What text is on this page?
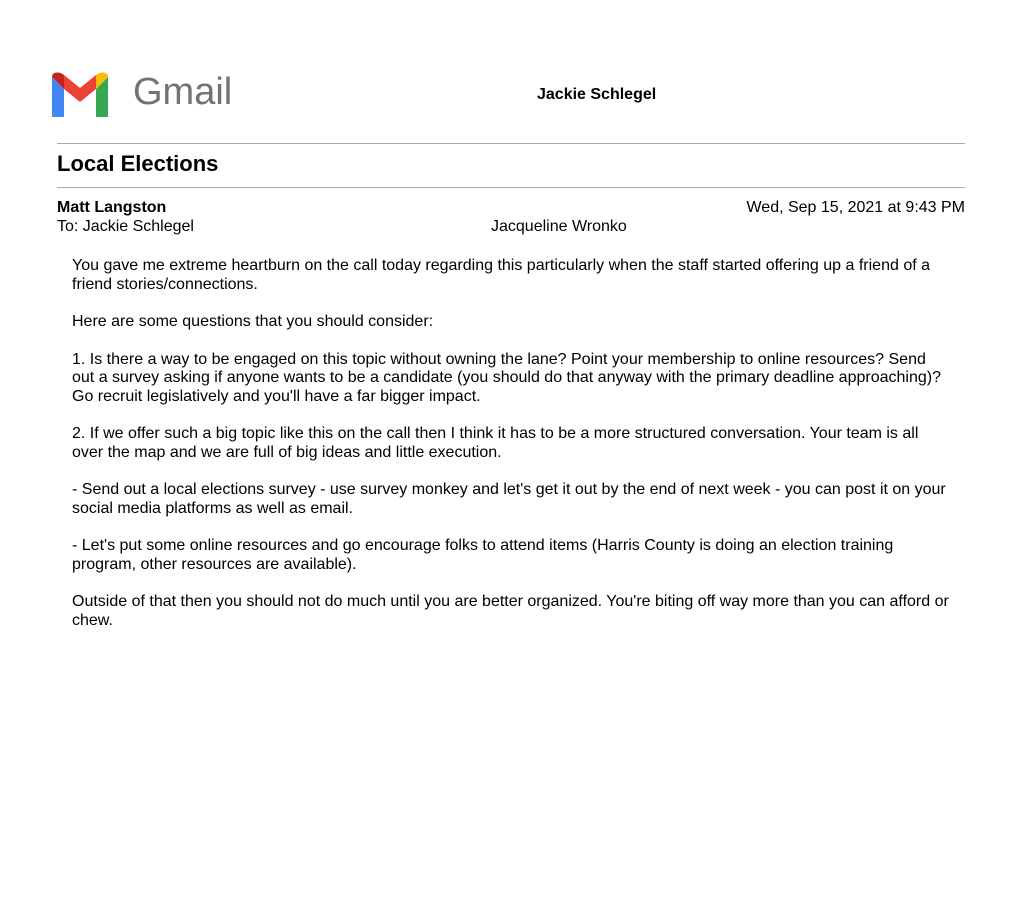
Gmail	Jackie Schlegel
Local Elections
Matt Langston	Wed, Sep 15, 2021 at 9:43 PM
To: Jackie Schlegel	Jacqueline Wronko

You gave me extreme heartburn on the call today regarding this particularly when the staff started offering up a friend of a friend stories/connections.

Here are some questions that you should consider:

1. Is there a way to be engaged on this topic without owning the lane? Point your membership to online resources? Send out a survey asking if anyone wants to be a candidate (you should do that anyway with the primary deadline approaching)? Go recruit legislatively and you'll have a far bigger impact.

2. If we offer such a big topic like this on the call then I think it has to be a more structured conversation. Your team is all over the map and we are full of big ideas and little execution.

- Send out a local elections survey - use survey monkey and let's get it out by the end of next week - you can post it on your social media platforms as well as email.

- Let's put some online resources and go encourage folks to attend items (Harris County is doing an election training program, other resources are available).

Outside of that then you should not do much until you are better organized. You're biting off way more than you can afford or chew.
